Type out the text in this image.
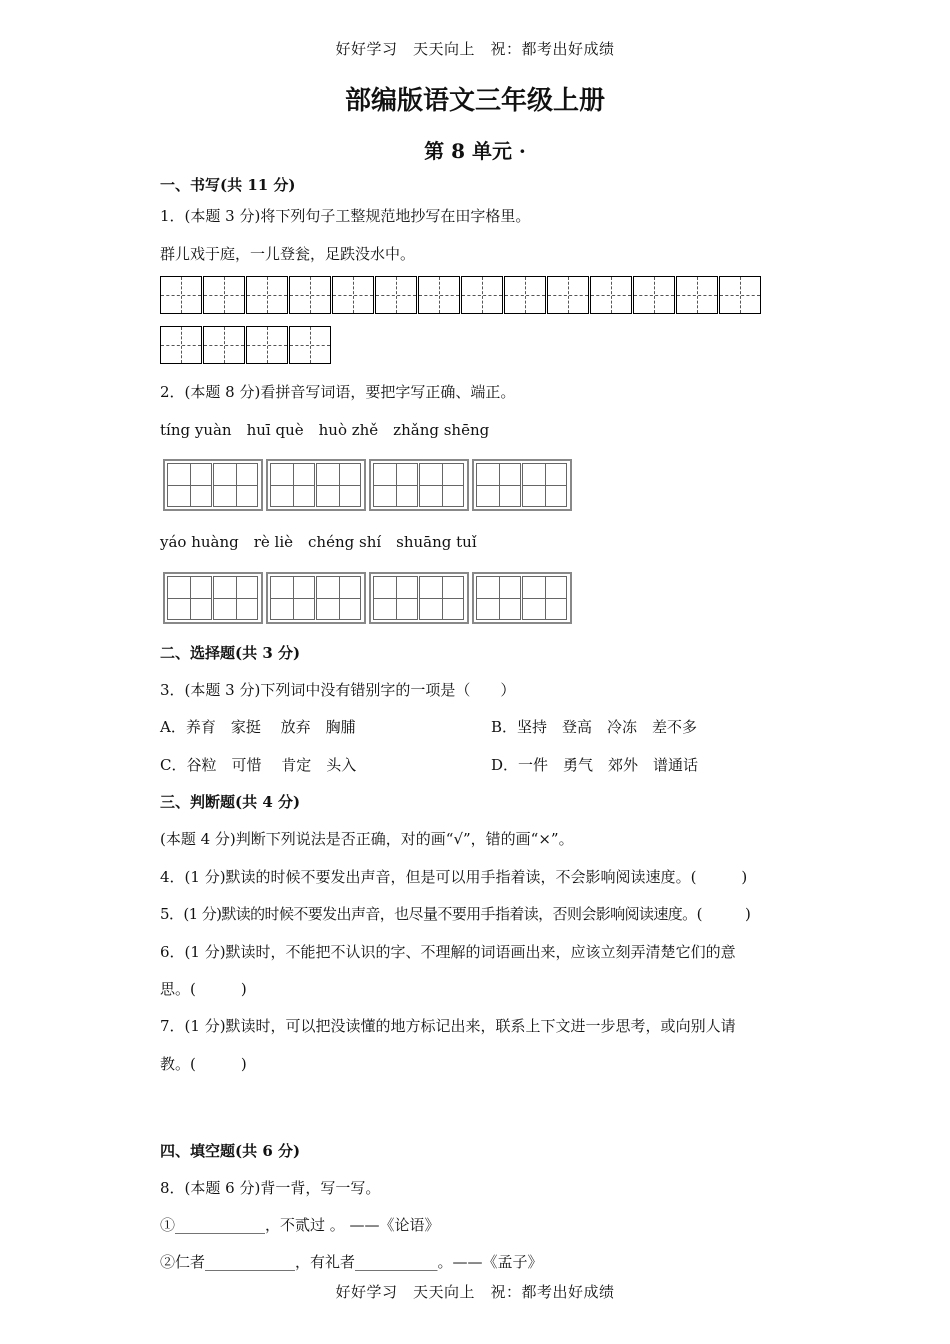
好好学习　天天向上　祝：都考出好成绩
部编版语文三年级上册
第 8 单元 ·
一、书写(共 11 分)
1．(本题 3 分)将下列句子工整规范地抄写在田字格里。
群儿戏于庭，一儿登瓮，足跌没水中。
2．(本题 8 分)看拼音写词语，要把字写正确、端正。
tíng yuàn　huī què　huò zhě　zhǎng shēng
yáo huàng　rè liè　chéng shí　shuāng tuǐ
二、选择题(共 3 分)
3．(本题 3 分)下列词中没有错别字的一项是（　　）
A．养育　家挺　 放弃　胸脯	B．坚持　登高　冷冻　差不多
C．谷粒　可惜　 肯定　头入	D．一件　勇气　郊外　谱通话
三、判断题(共 4 分)
(本题 4 分)判断下列说法是否正确，对的画“√”，错的画“×”。
4．(1 分)默读的时候不要发出声音，但是可以用手指着读，不会影响阅读速度。(　　　)
5．(1 分)默读的时候不要发出声音，也尽量不要用手指着读，否则会影响阅读速度。(　　　)
6．(1 分)默读时，不能把不认识的字、不理解的词语画出来，应该立刻弄清楚它们的意
思。(　　　)
7．(1 分)默读时，可以把没读懂的地方标记出来，联系上下文进一步思考，或向别人请
教。(　　　)
四、填空题(共 6 分)
8．(本题 6 分)背一背，写一写。
①____________，不贰过 。 ——《论语》
②仁者____________，有礼者___________。——《孟子》
好好学习　天天向上　祝：都考出好成绩
